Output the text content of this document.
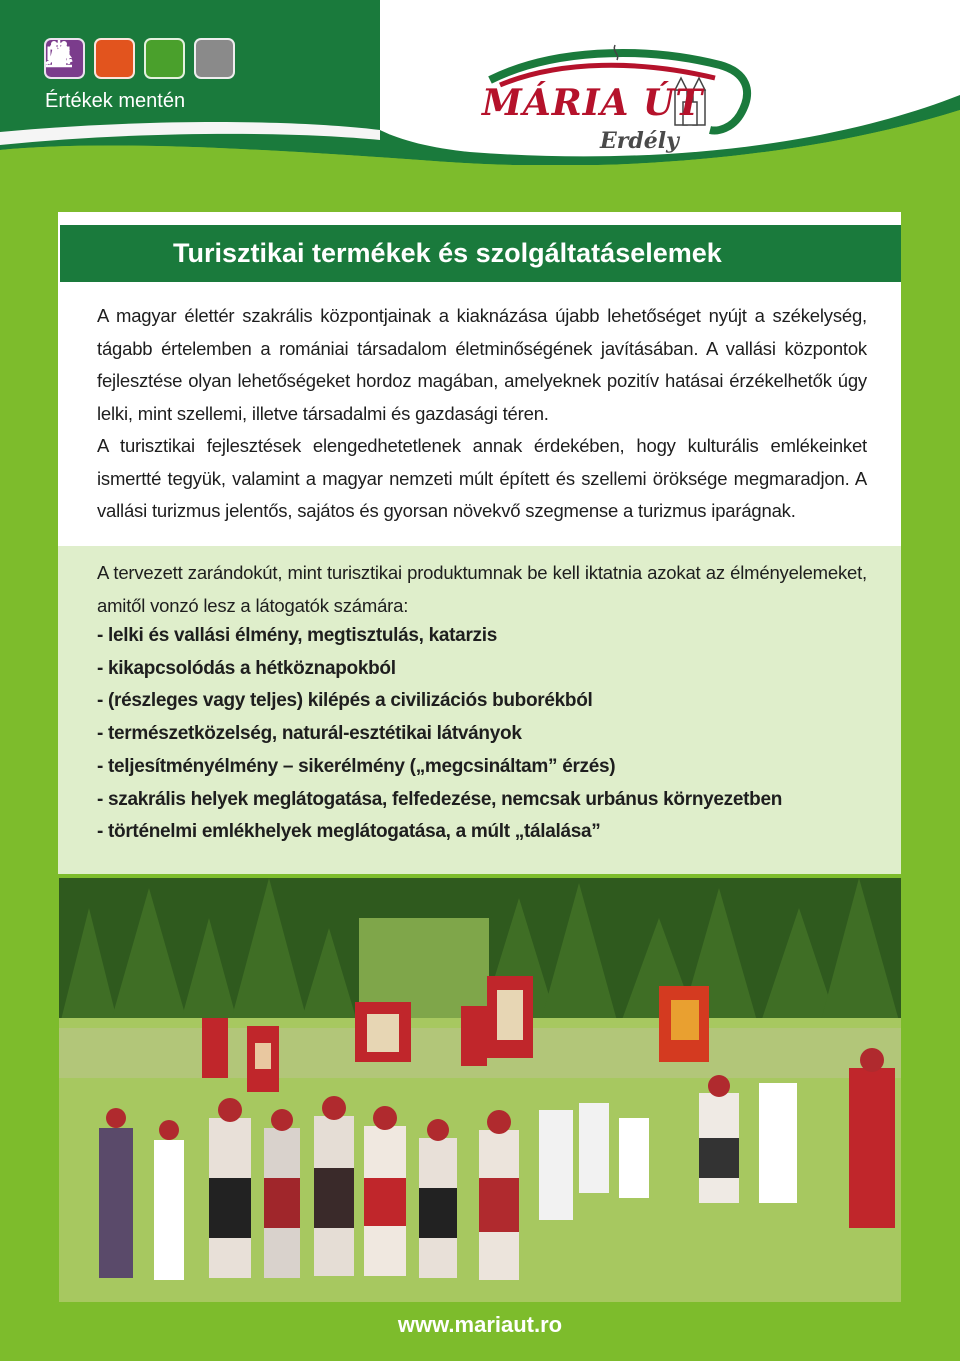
Értékek mentén	MÁRIA ÚT
Erdély
Turisztikai termékek és szolgáltatáselemek

A magyar élettér szakrális központjainak a kiaknázása újabb lehetőséget nyújt a székelység, tágabb értelemben a romániai társadalom életminőségének javításában. A vallási központok fejlesztése olyan lehetőségeket hordoz magában, amelyeknek pozitív hatásai érzékelhetők úgy lelki, mint szellemi, illetve társadalmi és gazdasági téren.

A turisztikai fejlesztések elengedhetetlenek annak érdekében, hogy kulturális emlékeinket ismertté tegyük, valamint a magyar nemzeti múlt épített és szellemi öröksége megmaradjon. A vallási turizmus jelentős, sajátos és gyorsan növekvő szegmense a turizmus iparágnak.

A tervezett zarándokút, mint turisztikai produktumnak be kell iktatnia azokat az élményelemeket, amitől vonzó lesz a látogatók számára:
- lelki és vallási élmény, megtisztulás, katarzis
- kikapcsolódás a hétköznapokból
- (részleges vagy teljes) kilépés a civilizációs buborékból
- természetközelség, naturál-esztétikai látványok
- teljesítményélmény – sikerélmény („megcsináltam” érzés)
- szakrális helyek meglátogatása, felfedezése, nemcsak urbánus környezetben
- történelmi emlékhelyek meglátogatása, a múlt „tálalása”
www.mariaut.ro
